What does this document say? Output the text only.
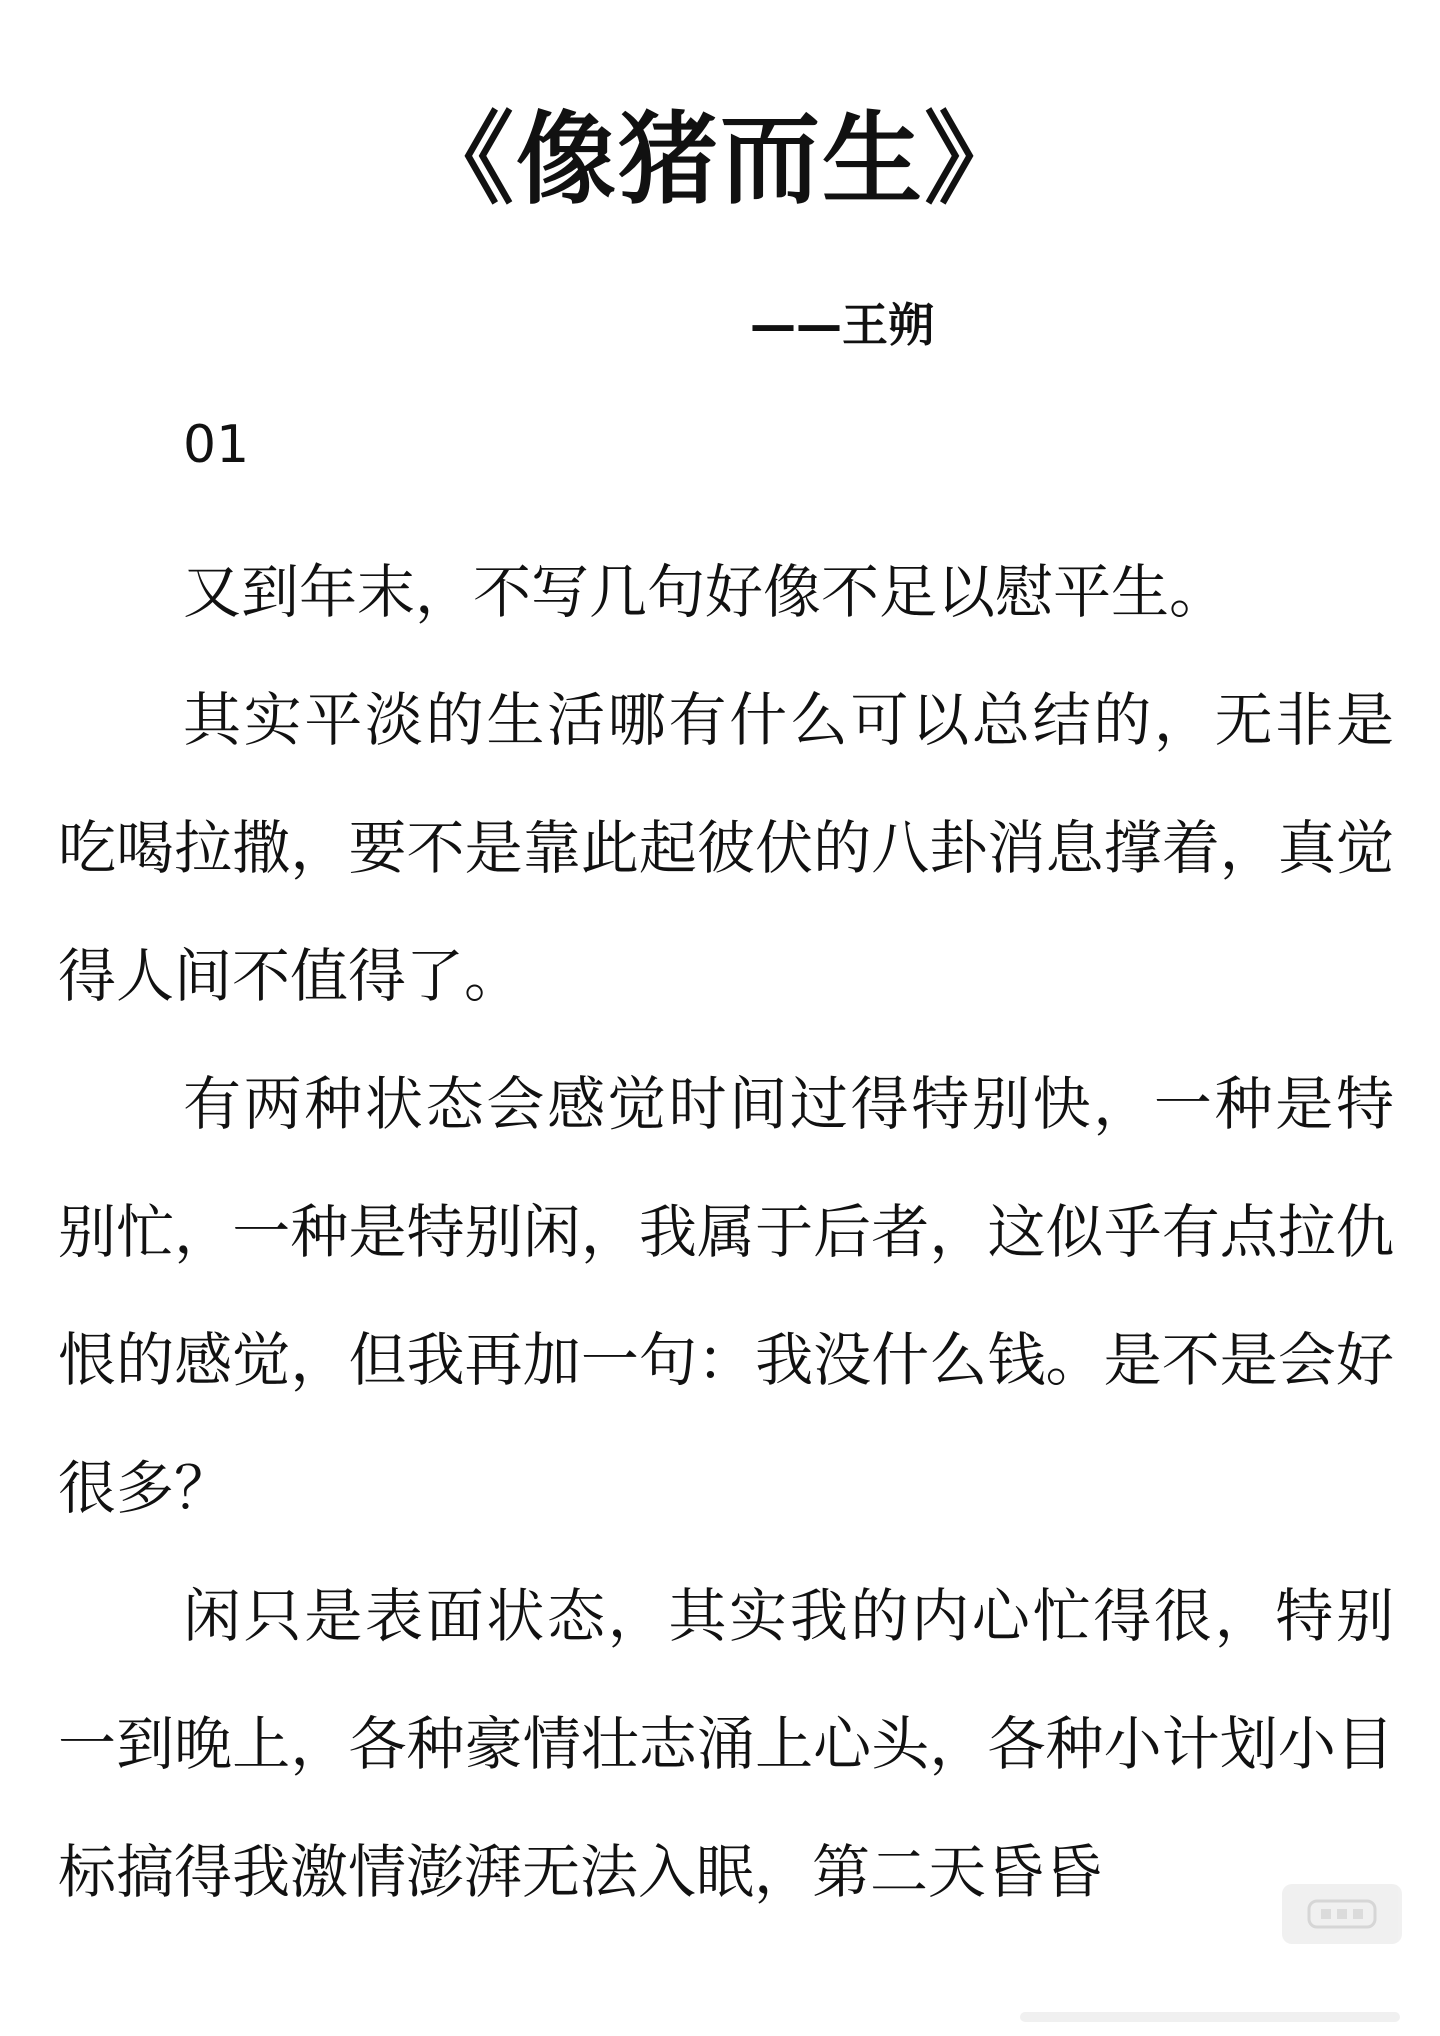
《像猪而生》
——王朔
01

又到年末，不写几句好像不足以慰平生。

其实平淡的生活哪有什么可以总结的，无非是吃喝拉撒，要不是靠此起彼伏的八卦消息撑着，真觉得人间不值得了。

有两种状态会感觉时间过得特别快，一种是特别忙，一种是特别闲，我属于后者，这似乎有点拉仇恨的感觉，但我再加一句：我没什么钱。是不是会好很多？

闲只是表面状态，其实我的内心忙得很，特别一到晚上，各种豪情壮志涌上心头，各种小计划小目标搞得我激情澎湃无法入眠，第二天昏昏
